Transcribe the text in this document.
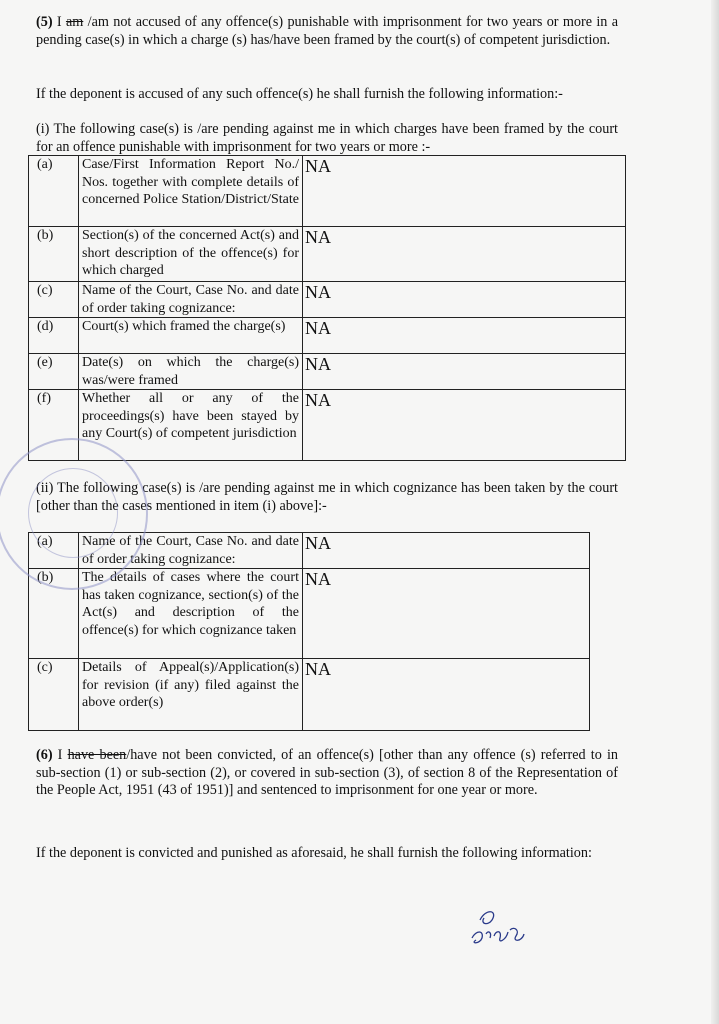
(5) I am /am not accused of any offence(s) punishable with imprisonment for two years or more in a pending case(s) in which a charge (s) has/have been framed by the court(s) of competent jurisdiction.

If the deponent is accused of any such offence(s) he shall furnish the following information:-

(i) The following case(s) is /are pending against me in which charges have been framed by the court for an offence punishable with imprisonment for two years or more :-

(a)	Case/First Information Report No./ Nos. together with complete details of concerned Police Station/District/State	NA
(b)	Section(s) of the concerned Act(s) and short description of the offence(s) for which charged	NA
(c)	Name of the Court, Case No. and date of order taking cognizance:	NA
(d)	Court(s) which framed the charge(s)	NA
(e)	Date(s) on which the charge(s) was/were framed	NA
(f)	Whether all or any of the proceedings(s) have been stayed by any Court(s) of competent jurisdiction	NA

(ii) The following case(s) is /are pending against me in which cognizance has been taken by the court [other than the cases mentioned in item (i) above]:-

(a)	Name of the Court, Case No. and date of order taking cognizance:	NA
(b)	The details of cases where the court has taken cognizance, section(s) of the Act(s) and description of the offence(s) for which cognizance taken	NA
(c)	Details of Appeal(s)/Application(s) for revision (if any) filed against the above order(s)	NA

(6) I have been/have not been convicted, of an offence(s) [other than any offence (s) referred to in sub-section (1) or sub-section (2), or covered in sub-section (3), of section 8 of the Representation of the People Act, 1951 (43 of 1951)] and sentenced to imprisonment for one year or more.

If the deponent is convicted and punished as aforesaid, he shall furnish the following information:
